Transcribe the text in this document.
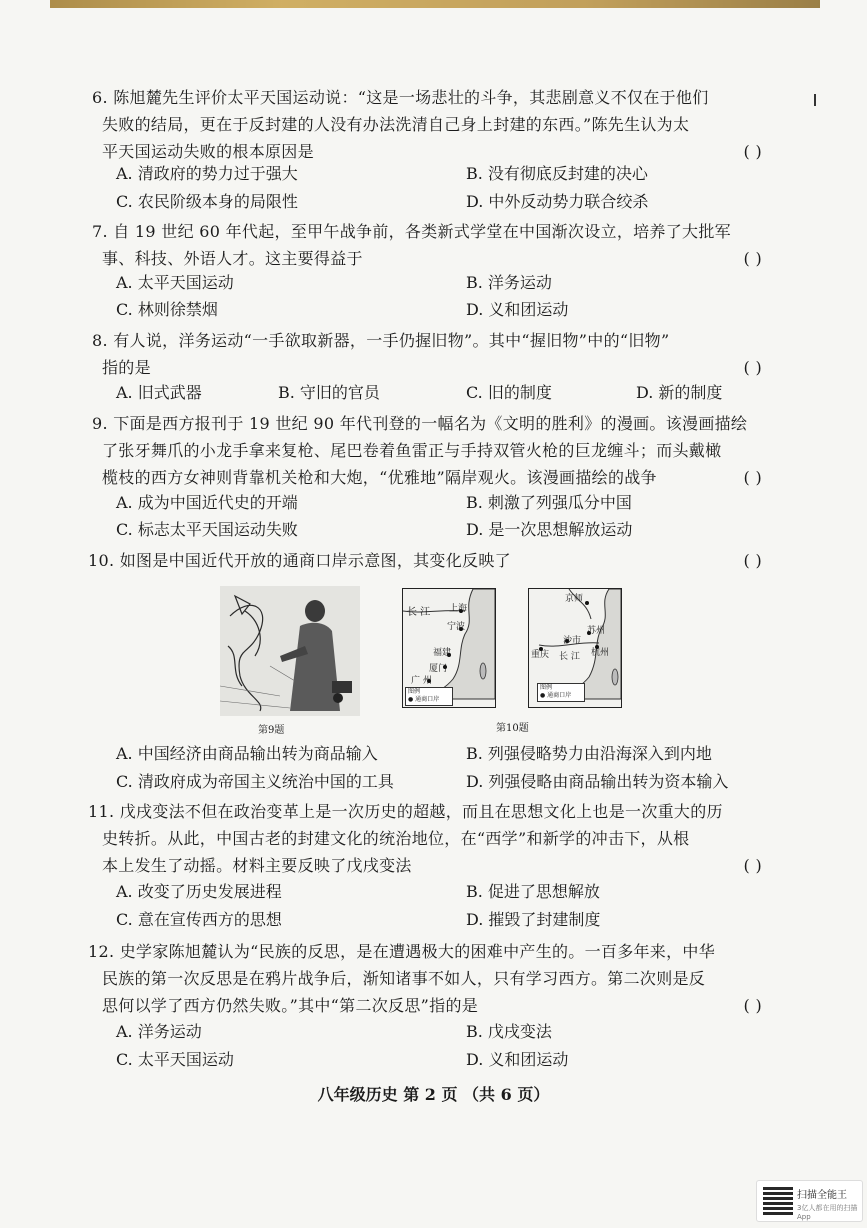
6. 陈旭麓先生评价太平天国运动说：“这是一场悲壮的斗争，其悲剧意义不仅在于他们
失败的结局，更在于反封建的人没有办法洗清自己身上封建的东西。”陈先生认为太
平天国运动失败的根本原因是	( )
A. 清政府的势力过于强大	B. 没有彻底反封建的决心
C. 农民阶级本身的局限性	D. 中外反动势力联合绞杀
7. 自 19 世纪 60 年代起，至甲午战争前，各类新式学堂在中国渐次设立，培养了大批军
事、科技、外语人才。这主要得益于	( )
A. 太平天国运动	B. 洋务运动
C. 林则徐禁烟	D. 义和团运动
8. 有人说，洋务运动“一手欲取新器，一手仍握旧物”。其中“握旧物”中的“旧物”
指的是	( )
A. 旧式武器	B. 守旧的官员	C. 旧的制度	D. 新的制度
9. 下面是西方报刊于 19 世纪 90 年代刊登的一幅名为《文明的胜利》的漫画。该漫画描绘
了张牙舞爪的小龙手拿来复枪、尾巴卷着鱼雷正与手持双管火枪的巨龙缠斗；而头戴橄
榄枝的西方女神则背靠机关枪和大炮，“优雅地”隔岸观火。该漫画描绘的战争	( )
A. 成为中国近代史的开端	B. 刺激了列强瓜分中国
C. 标志太平天国运动失败	D. 是一次思想解放运动
10. 如图是中国近代开放的通商口岸示意图，其变化反映了	( )
第9题
长 江 上海
宁波
福建
厦门
广 州
图例
● 通商口岸
京师
苏州
沙市
重庆 长 江 杭州
图例
● 通商口岸
第10题
A. 中国经济由商品输出转为商品输入	B. 列强侵略势力由沿海深入到内地
C. 清政府成为帝国主义统治中国的工具	D. 列强侵略由商品输出转为资本输入
11. 戊戌变法不但在政治变革上是一次历史的超越，而且在思想文化上也是一次重大的历
史转折。从此，中国古老的封建文化的统治地位，在“西学”和新学的冲击下，从根
本上发生了动摇。材料主要反映了戊戌变法	( )
A. 改变了历史发展进程	B. 促进了思想解放
C. 意在宣传西方的思想	D. 摧毁了封建制度
12. 史学家陈旭麓认为“民族的反思，是在遭遇极大的困难中产生的。一百多年来，中华
民族的第一次反思是在鸦片战争后，渐知诸事不如人，只有学习西方。第二次则是反
思何以学了西方仍然失败。”其中“第二次反思”指的是	( )
A. 洋务运动	B. 戊戌变法
C. 太平天国运动	D. 义和团运动
八年级历史 第 2 页 （共 6 页）
扫描全能王
3亿人都在用的扫描App
